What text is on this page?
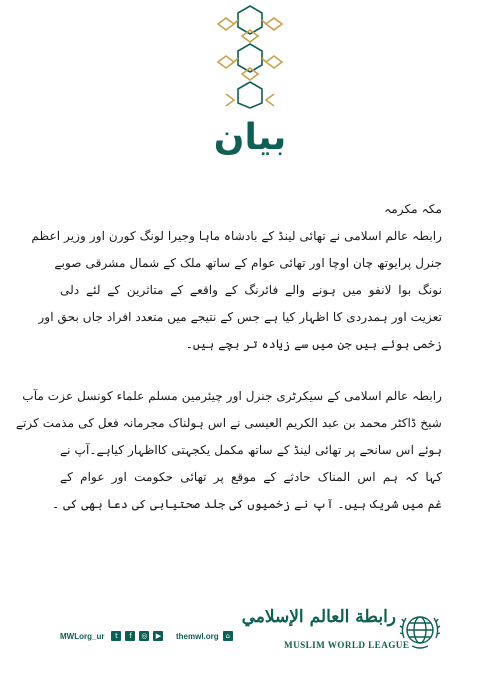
بیان
مکہ مکرمہ
رابطہ عالم اسلامی نے تھائی لینڈ کے بادشاہ ماہا وجیرا لونگ کورن اور وزیر اعظم
جنرل پرایوتھ چان اوچا اور تھائی عوام کے ساتھ ملک کے شمال مشرقی صوبے
نونگ بوا لانفو میں ہونے والے فائرنگ کے واقعے کے متاثرین کے لئے دلی
تعزیت اور ہمدردی کا اظہار کیا ہے جس کے نتیجے میں متعدد افراد جاں بحق اور
زخمی ہوئے ہیں جن میں سے زیادہ تر بچے ہیں۔
رابطہ عالم اسلامی کے سیکرٹری جنرل اور چیئرمین مسلم علماء کونسل عزت مآب
شیخ ڈاکٹر محمد بن عبد الکریم العیسی نے اس ہولناک مجرمانہ فعل کی مذمت کرتے
ہوئے اس سانحے پر تھائی لینڈ کے ساتھ مکمل یکجہتی کااظہار کیاہے۔آپ نے
کہا کہ ہم اس المناک حادثے کے موقع پر تھائی حکومت اور عوام کے
غم میں شریک ہیں۔ آپ نے زخمیوں کی جلد صحتیابی کی دعا بھی کی ۔
MWLorg_ur	t	f	◎	▶ themwl.org ⌂
رابطة العالم الإسلامي
MUSLIM WORLD LEAGUE
